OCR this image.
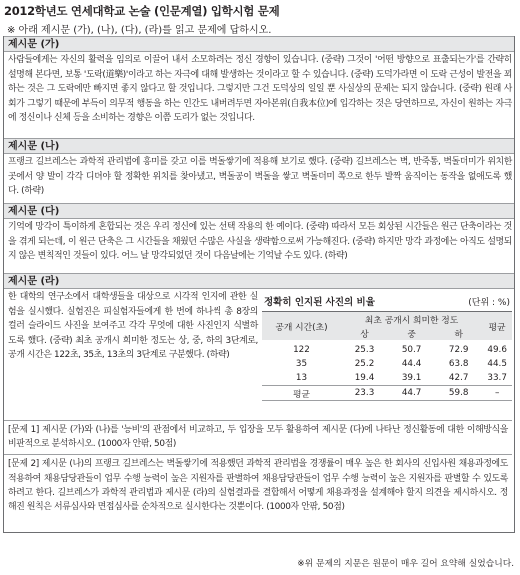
2012학년도 연세대학교 논술 (인문계열) 입학시험 문제
※ 아래 제시문 (가), (나), (다), (라)를 읽고 문제에 답하시오.
제시문 (가)
사람들에게는 자신의 활력을 임의로 이끌어 내서 소모하려는 정신 경향이 있습니다. (중략) 그것이 '어떤 방향으로 표출되는가'를 간략히 설명해 본다면, 보통 '도락(道樂)'이라고 하는 자극에 대해 발생하는 것이라고 할 수 있습니다. (중략) 도덕가라면 이 도락 근성이 발전을 꾀하는 것은 그 도락에만 빠지면 좋지 않다고 할 것입니다. 그렇지만 그건 도덕상의 일일 뿐 사실상의 문제는 되지 않습니다. (중략) 원래 사회가 그렇기 때문에 부득이 의무적 행동을 하는 인간도 내버려두면 자아본위(自我本位)에 입각하는 것은 당연하므로, 자신이 원하는 자극에 정신이나 신체 등을 소비하는 경향은 이쯤 도리가 없는 것입니다.
제시문 (나)
프랭크 길브레스는 과학적 관리법에 흥미를 갖고 이를 벽돌쌓기에 적용해 보기로 했다. (중략) 길브레스는 벽, 반죽통, 벽돌더미가 위치한 곳에서 양 발이 각각 디뎌야 할 정확한 위치를 찾아냈고, 벽돌공이 벽돌을 쌓고 벽돌더미 쪽으로 한두 발짝 움직이는 동작을 없애도록 했다. (하략)
제시문 (다)
기억에 망각이 특이하게 혼합되는 것은 우리 정신에 있는 선택 작용의 한 예이다. (중략) 따라서 모든 회상된 시간들은 원근 단축이라는 것을 겪게 되는데, 이 원근 단축은 그 시간들을 채웠던 수많은 사실을 생략함으로써 가능해진다. (중략) 하지만 망각 과정에는 아직도 설명되지 않은 변칙적인 것들이 있다. 어느 날 망각되었던 것이 다음날에는 기억날 수도 있다. (하략)
제시문 (라)
한 대학의 연구소에서 대학생들을 대상으로 시각적 인지에 관한 실험을 실시했다. 실험진은 피실험자들에게 한 번에 하나씩 총 8장의 컬러 슬라이드 사진을 보여주고 각각 무엇에 대한 사진인지 식별하도록 했다. (중략) 최초 공개시 희미한 정도는 상, 중, 하의 3단계로, 공개 시간은 122초, 35초, 13초의 3단계로 구분했다. (하략)
정확히 인지된 사진의 비율	(단위 : %)
공개 시간(초)	최초 공개시 희미한 정도			평균
	상	중	하	
122	25.3	50.7	72.9	49.6
35	25.2	44.4	63.8	44.5
13	19.4	39.1	42.7	33.7
평균	23.3	44.7	59.8	–
[문제 1] 제시문 (가)와 (나)를 '능비'의 관점에서 비교하고, 두 입장을 모두 활용하여 제시문 (다)에 나타난 정신활동에 대한 이해방식을 비판적으로 분석하시오. (1000자 안팎, 50점)
[문제 2] 제시문 (나)의 프랭크 길브레스는 벽돌쌓기에 적용했던 과학적 관리법을 경쟁률이 매우 높은 한 회사의 신입사원 채용과정에도 적용하여 채용담당관들이 업무 수행 능력이 높은 지원자를 판별하여 채용담당관들이 업무 수행 능력이 높은 지원자를 판별할 수 있도록 하려고 한다. 길브레스가 과학적 관리법과 제시문 (라)의 실험결과를 결합해서 어떻게 채용과정을 설계해야 할지 의견을 제시하시오. 정해진 원칙은 서류심사와 면접심사를 순차적으로 실시한다는 것뿐이다. (1000자 안팎, 50점)
※위 문제의 지문은 원문이 매우 길어 요약해 실었습니다.
